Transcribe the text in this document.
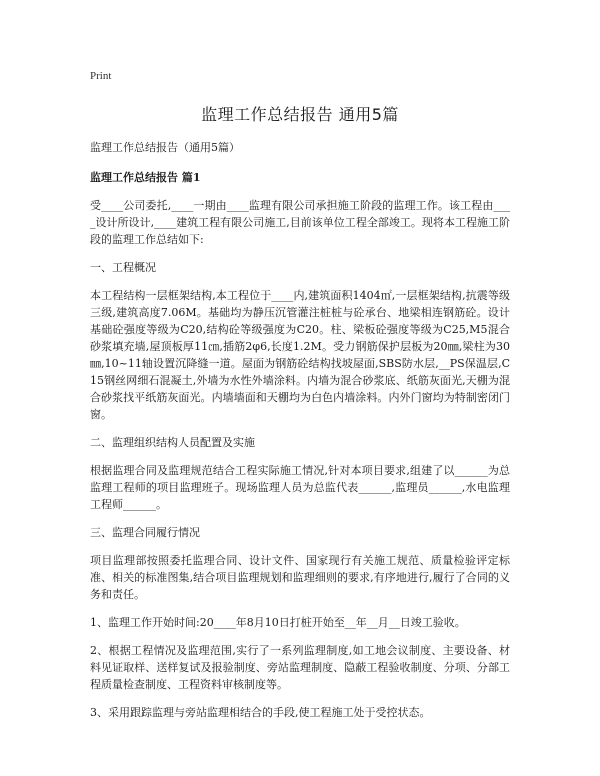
Print
监理工作总结报告 通用5篇

监理工作总结报告（通用5篇）

监理工作总结报告 篇1

受____公司委托,____一期由____监理有限公司承担施工阶段的监理工作。该工程由____设计所设计,____建筑工程有限公司施工,目前该单位工程全部竣工。现将本工程施工阶段的监理工作总结如下:

一、工程概况

本工程结构一层框架结构,本工程位于____内,建筑面积1404㎡,一层框架结构,抗震等级三级,建筑高度7.06M。基础均为静压沉管灌注桩桩与砼承台、地梁相连钢筋砼。设计基础砼强度等级为C20,结构砼等级强度为C20。柱、梁板砼强度等级为C25,M5混合砂浆填充墙,屋顶板厚11㎝,插筋2φ6,长度1.2M。受力钢筋保护层板为20㎜,梁柱为30㎜,10~11轴设置沉降缝一道。屋面为钢筋砼结构找坡屋面,SBS防水层,__PS保温层,C15钢丝网细石混凝土,外墙为水性外墙涂料。内墙为混合砂浆底、纸筋灰面光,天棚为混合砂浆找平纸筋灰面光。内墙墙面和天棚均为白色内墙涂料。内外门窗均为特制密闭门窗。

二、监理组织结构人员配置及实施

根据监理合同及监理规范结合工程实际施工情况,针对本项目要求,组建了以______为总监理工程师的项目监理班子。现场监理人员为总监代表______,监理员______,水电监理工程师______。

三、监理合同履行情况

项目监理部按照委托监理合同、设计文件、国家现行有关施工规范、质量检验评定标准、相关的标准图集,结合项目监理规划和监理细则的要求,有序地进行,履行了合同的义务和责任。

1、监理工作开始时间:20____年8月10日打桩开始至__年__月__日竣工验收。

2、根据工程情况及监理范围,实行了一系列监理制度,如工地会议制度、主要设备、材料见证取样、送样复试及报验制度、旁站监理制度、隐蔽工程验收制度、分项、分部工程质量检查制度、工程资料审核制度等。

3、采用跟踪监理与旁站监理相结合的手段,使工程施工处于受控状态。
